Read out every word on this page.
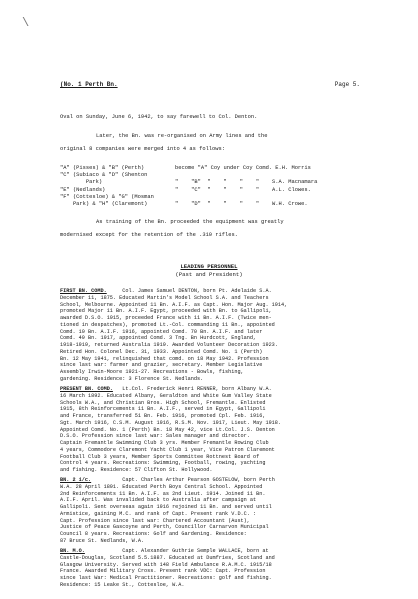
\
(No. 1 Perth Bn.	Page 5.
Oval on Sunday, June 6, 1942, to say farewell to Col. Denton.
Later, the Bn. was re-organised on Army lines and the
original 8 companies were merged into 4 as follows:
"A" (Pisses) & "B" (Perth)	become "A" Coy under Coy Comd. E.H. Morris
"C" (Subiaco & "D" (Shenton
Park)	"    "B"  "    "    "    "    S.A. Macnamara
"E" (Nedlands)	"    "C"  "    "    "    "    A.L. Clowes.
"F" (Cottesloe) & "G" (Mosman
Park) & "H" (Claremont)	"    "D"  "    "    "    "    W.H. Crowe.
As training of the Bn. proceeded the equipment was greatly
modernised except for the retention of the .310 rifles.
LEADING PERSONNEL
(Past and President)
FIRST BN. COMD.	Col. James Samuel DENTON, born Pt. Adelaide S.A.
December 11, 1875. Educated Martin's Model School S.A. and Teachers
School, Melbourne. Appointed 11 Bn. A.I.F. as Capt. Hon. Major Aug. 1914,
promoted Major 11 Bn. A.I.F. Egypt, proceeded with Bn. to Gallipoli,
awarded D.S.O. 1915, proceeded France with 11 Bn. A.I.F. (Twice men-
tioned in despatches), promoted Lt.-Col. commanding 11 Bn., appointed
Comd. 10 Bn. A.I.F. 1916, appointed Comd. 70 Bn. A.I.F. and later
Comd. 49 Bn. 1917, appointed Comd. 3 Tng. Bn Hurdcott, England,
1918-1919, returned Australia 1919. Awarded Volunteer Decoration 1923.
Retired Hon. Colonel Dec. 31, 1933. Appointed Comd. No. 1 (Perth)
Bn. 12 May 1941, relinquished that comd. on 18 May 1942. Profession
since last war: farmer and grazier, secretary. Member Legislative
Assembly Irwin-Moore 1921-27. Recreations - Bowls, fishing,
gardening. Residence: 3 Florence St. Nedlands.
PRESENT BN. COMD. Lt.Col. Frederick Henri RENNER, born Albany W.A.
16 March 1892. Educated Albany, Geraldton and White Gum Valley State
Schools W.A., and Christian Bros. High School, Fremantle. Enlisted
1915, 8th Reinforcements 11 Bn. A.I.F., served in Egypt, Gallipoli
and France, transferred 51 Bn. Feb. 1916, promoted Cpl. Feb. 1916,
Sgt. March 1916, C.S.M. August 1916, R.S.M. Nov. 1917, Lieut. May 1918.
Appointed Comd. No. 1 (Perth) Bn. 18 May 42, vice Lt.Col. J.S. Denton
D.S.O. Profession since last war: Sales manager and director.
Captain Fremantle Swimming Club 3 yrs. Member Fremantle Rowing Club
4 years, Commodore Claremont Yacht Club 1 year, Vice Patron Claremont
Football Club 3 years, Member Sports Committee Rottnest Board of
Control 4 years. Recreations: Swimming, Football, rowing, yachting
and fishing. Residence: 57 Clifton St. Hollywood.
BN. 2 i/c.	Capt. Charles Arthur Pearson GOSTELOW, born Perth
W.A. 28 April 1891. Educated Perth Boys Central School. Appointed
2nd Reinforcements 11 Bn. A.I.F. as 2nd Lieut. 1914. Joined 11 Bn.
A.I.F. April. Was invalided back to Australia after campaign at
Gallipoli. Sent overseas again 1916 rejoined 11 Bn. and served until
Armistice, gaining M.C. and rank of Capt. Present rank V.D.C. :
Capt. Profession since last war: Chartered Accountant (Aust),
Justice of Peace Gascoyne and Perth, Councillor Carnarvon Municipal
Council 8 years. Recreations: Golf and Gardening. Residence:
87 Bruce St. Nedlands, W.A.
BN. M.O.	Capt. Alexander Guthrie Semple WALLACE, born at
Castle-Douglas, Scotland 5.5.1887. Educated at Dumfries, Scotland and
Glasgow University. Served with 148 Field Ambulance R.A.M.C. 1915/18
France. Awarded Military Cross. Present rank VDC: Capt. Profession
since last War: Medical Practitioner. Recreations: golf and fishing.
Residence: 15 Leake St., Cottesloe, W.A.
